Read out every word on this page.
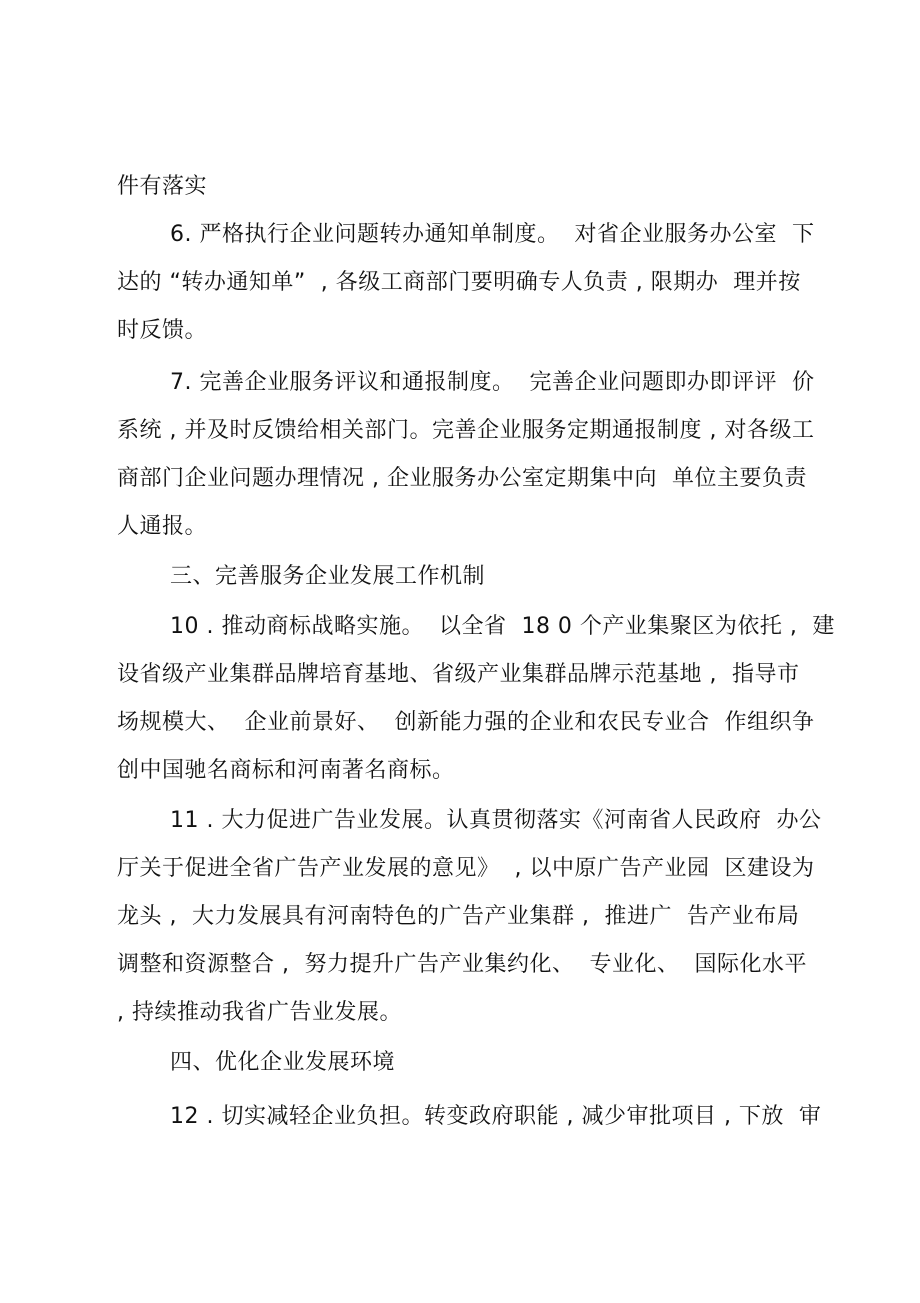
件有落实
6. 严格执行企业问题转办通知单制度。  对省企业服务办公室  下
达的 “转办通知单”  , 各级工商部门要明确专人负责 , 限期办  理并按
时反馈。
7. 完善企业服务评议和通报制度。  完善企业问题即办即评评  价
系统 , 并及时反馈给相关部门。完善企业服务定期通报制度 , 对各级工
商部门企业问题办理情况 , 企业服务办公室定期集中向  单位主要负责
人通报。
三、完善服务企业发展工作机制
10 . 推动商标战略实施。  以全省  18 0 个产业集聚区为依托 ,  建
设省级产业集群品牌培育基地、省级产业集群品牌示范基地 ,  指导市
场规模大、  企业前景好、  创新能力强的企业和农民专业合  作组织争
创中国驰名商标和河南著名商标。
11 . 大力促进广告业发展。认真贯彻落实《河南省人民政府  办公
厅关于促进全省广告产业发展的意见》  , 以中原广告产业园  区建设为
龙头 ,  大力发展具有河南特色的广告产业集群 ,  推进广  告产业布局
调整和资源整合 ,  努力提升广告产业集约化、  专业化、  国际化水平
, 持续推动我省广告业发展。
四、优化企业发展环境
12 . 切实减轻企业负担。转变政府职能 , 减少审批项目 , 下放  审
